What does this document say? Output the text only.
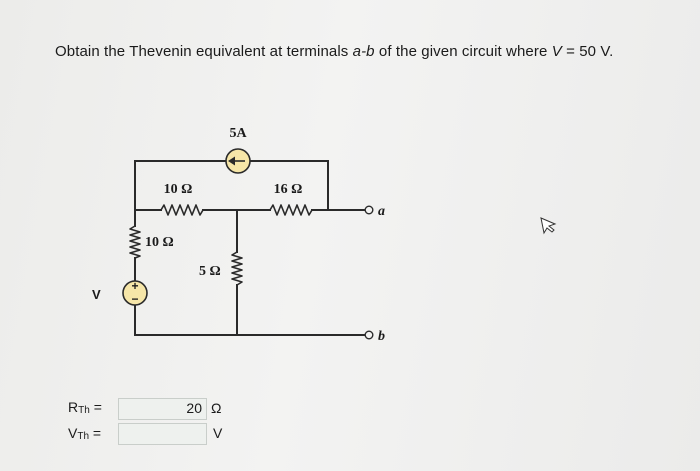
Obtain the Thevenin equivalent at terminals a-b of the given circuit where V = 50 V.
+
−
5A
10 Ω	16 Ω
10 Ω
5 Ω
V
a
b
RTh =	20 Ω
VTh =	V
